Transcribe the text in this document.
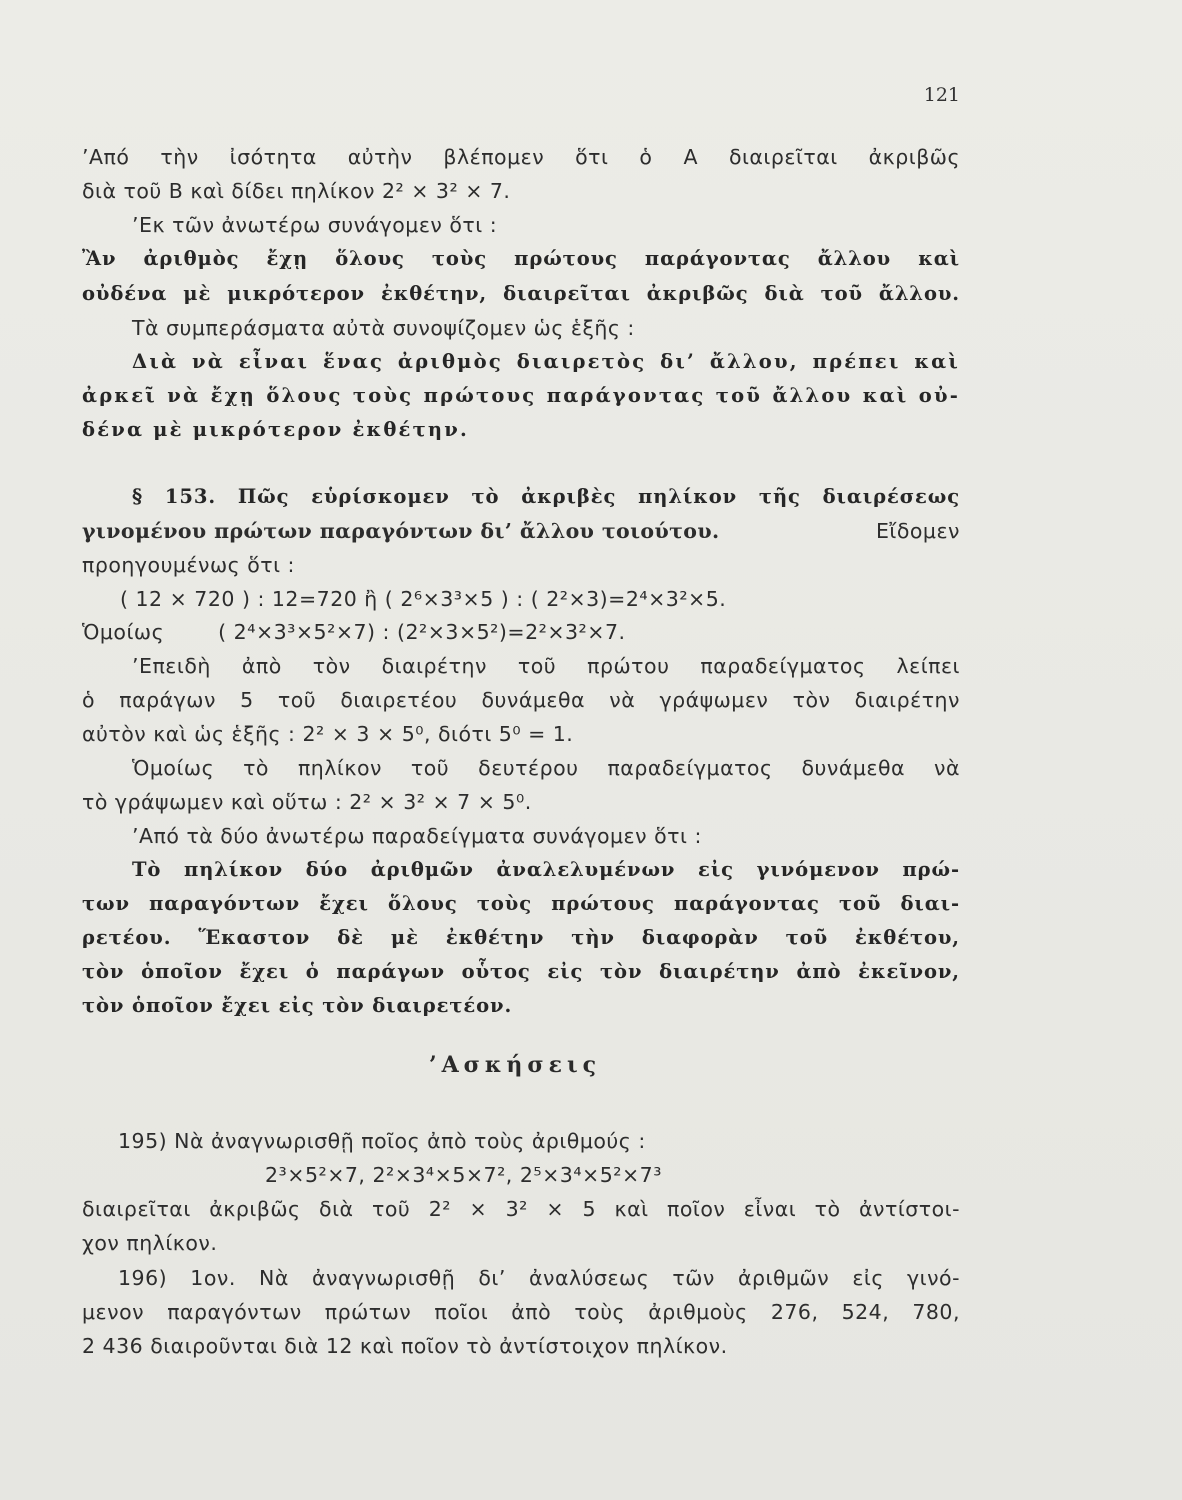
121
’Από τὴν ἰσότητα αὐτὴν βλέπομεν ὅτι ὁ Α διαιρεῖται ἀκριβῶς
διὰ τοῦ Β καὶ δίδει πηλίκον 2² × 3² × 7.
’Εκ τῶν ἀνωτέρω συνάγομεν ὅτι :
Ἂν ἀριθμὸς ἔχῃ ὅλους τοὺς πρώτους παράγοντας ἄλλου καὶ
οὐδένα μὲ μικρότερον ἐκθέτην, διαιρεῖται ἀκριβῶς διὰ τοῦ ἄλλου.
Τὰ συμπεράσματα αὐτὰ συνοψίζομεν ὡς ἑξῆς :
Διὰ νὰ εἶναι ἕνας ἀριθμὸς διαιρετὸς δι’ ἄλλου, πρέπει καὶ
ἀρκεῖ νὰ ἔχῃ ὅλους τοὺς πρώτους παράγοντας τοῦ ἄλλου καὶ οὐ-
δένα μὲ μικρότερον ἐκθέτην.
§ 153. Πῶς εὑρίσκομεν τὸ ἀκριβὲς πηλίκον τῆς διαιρέσεως
γινομένου πρώτων παραγόντων δι’ ἄλλου τοιούτου.	Εἴδομεν
προηγουμένως ὅτι :
( 12 × 720 ) : 12=720 ἢ ( 2⁶×3³×5 ) : ( 2²×3)=2⁴×3²×5.
Ὁμοίως	( 2⁴×3³×5²×7) : (2²×3×5²)=2²×3²×7.
’Επειδὴ ἀπὸ τὸν διαιρέτην τοῦ πρώτου παραδείγματος λείπει
ὁ παράγων 5 τοῦ διαιρετέου δυνάμεθα νὰ γράψωμεν τὸν διαιρέτην
αὐτὸν καὶ ὡς ἑξῆς : 2² × 3 × 5⁰, διότι 5⁰ = 1.
Ὁμοίως τὸ πηλίκον τοῦ δευτέρου παραδείγματος δυνάμεθα νὰ
τὸ γράψωμεν καὶ οὕτω : 2² × 3² × 7 × 5⁰.
’Από τὰ δύο ἀνωτέρω παραδείγματα συνάγομεν ὅτι :
Τὸ πηλίκον δύο ἀριθμῶν ἀναλελυμένων εἰς γινόμενον πρώ-
των παραγόντων ἔχει ὅλους τοὺς πρώτους παράγοντας τοῦ διαι-
ρετέου. Ἕκαστον δὲ μὲ ἐκθέτην τὴν διαφορὰν τοῦ ἐκθέτου,
τὸν ὁποῖον ἔχει ὁ παράγων οὗτος εἰς τὸν διαιρέτην ἀπὸ ἐκεῖνον,
τὸν ὁποῖον ἔχει εἰς τὸν διαιρετέον.
’Ασκήσεις
195) Νὰ ἀναγνωρισθῇ ποῖος ἀπὸ τοὺς ἀριθμούς :
2³×5²×7, 2²×3⁴×5×7², 2⁵×3⁴×5²×7³
διαιρεῖται ἀκριβῶς διὰ τοῦ 2² × 3² × 5 καὶ ποῖον εἶναι τὸ ἀντίστοι-
χον πηλίκον.
196) 1ον. Νὰ ἀναγνωρισθῇ δι’ ἀναλύσεως τῶν ἀριθμῶν εἰς γινό-
μενον παραγόντων πρώτων ποῖοι ἀπὸ τοὺς ἀριθμοὺς 276, 524, 780,
2 436 διαιροῦνται διὰ 12 καὶ ποῖον τὸ ἀντίστοιχον πηλίκον.
